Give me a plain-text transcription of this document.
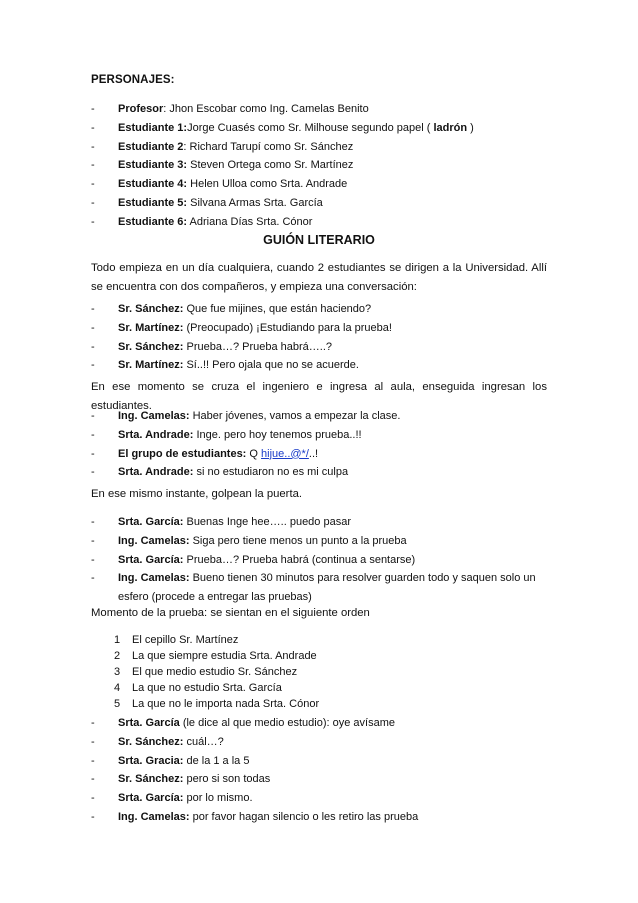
PERSONAJES:
- Profesor: Jhon Escobar como Ing. Camelas Benito
- Estudiante 1:Jorge Cuasés como Sr. Milhouse segundo papel ( ladrón )
- Estudiante 2: Richard Tarupí como Sr. Sánchez
- Estudiante 3: Steven Ortega como Sr. Martínez
- Estudiante 4: Helen Ulloa como Srta. Andrade
- Estudiante 5: Silvana Armas Srta. García
- Estudiante 6: Adriana Días Srta. Cónor
GUIÓN LITERARIO
Todo empieza en un día cualquiera, cuando 2 estudiantes se dirigen a la Universidad. Allí se encuentra con dos compañeros, y empieza una conversación:
- Sr. Sánchez: Que fue mijines, que están haciendo?
- Sr. Martínez: (Preocupado) ¡Estudiando para la prueba!
- Sr. Sánchez: Prueba…? Prueba habrá…..?
- Sr. Martínez: Sí..!! Pero ojala que no se acuerde.
En ese momento se cruza el ingeniero e ingresa al aula, enseguida ingresan los estudiantes.
- Ing. Camelas: Haber jóvenes, vamos a empezar la clase.
- Srta. Andrade: Inge. pero hoy tenemos prueba..!!
- El grupo de estudiantes: Q hijue..@*/..!
- Srta. Andrade: si no estudiaron no es mi culpa
En ese mismo instante, golpean la puerta.
- Srta. García: Buenas Inge hee….. puedo pasar
- Ing. Camelas: Siga pero tiene menos un punto a la prueba
- Srta. García: Prueba…? Prueba habrá (continua a sentarse)
- Ing. Camelas: Bueno tienen 30 minutos para resolver guarden todo y saquen solo un esfero (procede a entregar las pruebas)
Momento de la prueba: se sientan en el siguiente orden
1 El cepillo Sr. Martínez
2 La que siempre estudia Srta. Andrade
3 El que medio estudio Sr. Sánchez
4 La que no estudio Srta. García
5 La que no le importa nada Srta. Cónor
- Srta. García (le dice al que medio estudio): oye avísame
- Sr. Sánchez: cuál…?
- Srta. Gracia: de la 1 a la 5
- Sr. Sánchez: pero si son todas
- Srta. García: por lo mismo.
- Ing. Camelas: por favor hagan silencio o les retiro las prueba
